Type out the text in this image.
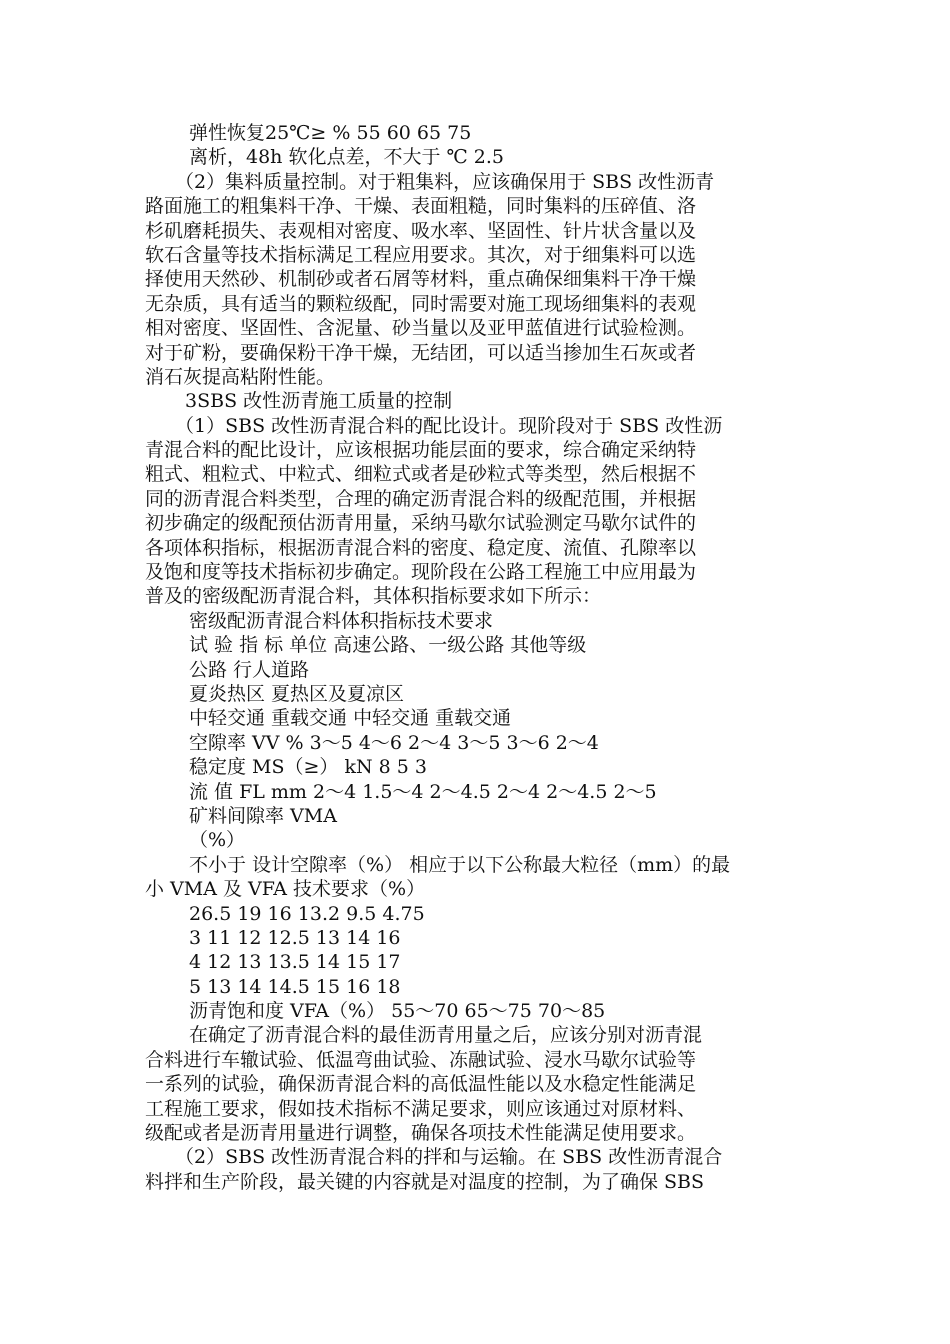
弹性恢复25℃≥ % 55 60 65 75
离析，48h 软化点差，不大于 ℃ 2.5
（2）集料质量控制。对于粗集料，应该确保用于 SBS 改性沥青
路面施工的粗集料干净、干燥、表面粗糙，同时集料的压碎值、洛
杉矶磨耗损失、表观相对密度、吸水率、坚固性、针片状含量以及
软石含量等技术指标满足工程应用要求。其次，对于细集料可以选
择使用天然砂、机制砂或者石屑等材料，重点确保细集料干净干燥
无杂质，具有适当的颗粒级配，同时需要对施工现场细集料的表观
相对密度、坚固性、含泥量、砂当量以及亚甲蓝值进行试验检测。
对于矿粉，要确保粉干净干燥，无结团，可以适当掺加生石灰或者
消石灰提高粘附性能。
3SBS 改性沥青施工质量的控制
（1）SBS 改性沥青混合料的配比设计。现阶段对于 SBS 改性沥
青混合料的配比设计，应该根据功能层面的要求，综合确定采纳特
粗式、粗粒式、中粒式、细粒式或者是砂粒式等类型，然后根据不
同的沥青混合料类型，合理的确定沥青混合料的级配范围，并根据
初步确定的级配预估沥青用量，采纳马歇尔试验测定马歇尔试件的
各项体积指标，根据沥青混合料的密度、稳定度、流值、孔隙率以
及饱和度等技术指标初步确定。现阶段在公路工程施工中应用最为
普及的密级配沥青混合料，其体积指标要求如下所示：
密级配沥青混合料体积指标技术要求
试 验 指 标 单位 高速公路、一级公路 其他等级
公路 行人道路
夏炎热区 夏热区及夏凉区
中轻交通 重载交通 中轻交通 重载交通
空隙率 VV % 3～5 4～6 2～4 3～5 3～6 2～4
稳定度 MS（≥） kN 8 5 3
流 值 FL mm 2～4 1.5～4 2～4.5 2～4 2～4.5 2～5
矿料间隙率 VMA
（%）
不小于 设计空隙率（%） 相应于以下公称最大粒径（mm）的最
小 VMA 及 VFA 技术要求（%）
26.5 19 16 13.2 9.5 4.75
3 11 12 12.5 13 14 16
4 12 13 13.5 14 15 17
5 13 14 14.5 15 16 18
沥青饱和度 VFA（%） 55～70 65～75 70～85
在确定了沥青混合料的最佳沥青用量之后，应该分别对沥青混
合料进行车辙试验、低温弯曲试验、冻融试验、浸水马歇尔试验等
一系列的试验，确保沥青混合料的高低温性能以及水稳定性能满足
工程施工要求，假如技术指标不满足要求，则应该通过对原材料、
级配或者是沥青用量进行调整，确保各项技术性能满足使用要求。
（2）SBS 改性沥青混合料的拌和与运输。在 SBS 改性沥青混合
料拌和生产阶段，最关键的内容就是对温度的控制，为了确保 SBS
